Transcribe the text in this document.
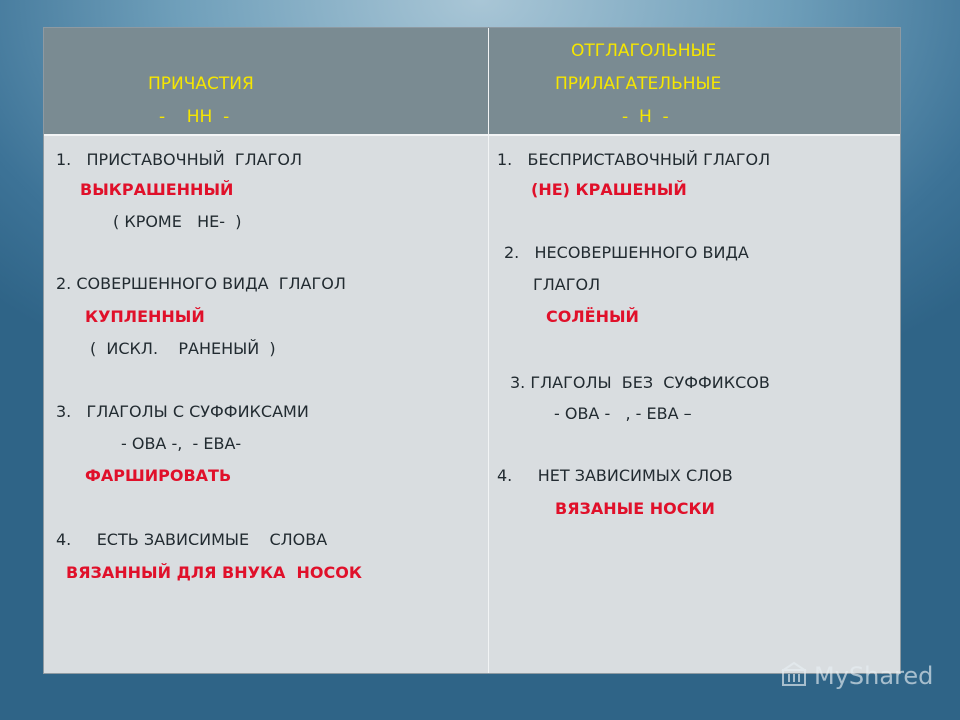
ПРИЧАСТИЯ

-    НН  -

ОТГЛАГОЛЬНЫЕ

ПРИЛАГАТЕЛЬНЫЕ

-  Н  -

1.   ПРИСТАВОЧНЫЙ  ГЛАГОЛ

ВЫКРАШЕННЫЙ

( КРОМЕ   НЕ-  )

2. СОВЕРШЕННОГО ВИДА  ГЛАГОЛ

КУПЛЕННЫЙ

(  ИСКЛ.    РАНЕНЫЙ  )

3.   ГЛАГОЛЫ С СУФФИКСАМИ

- ОВА -,  - ЕВА-

ФАРШИРОВАТЬ

4.     ЕСТЬ ЗАВИСИМЫЕ    СЛОВА

ВЯЗАННЫЙ ДЛЯ ВНУКА  НОСОК

1.   БЕСПРИСТАВОЧНЫЙ ГЛАГОЛ

(НЕ) КРАШЕНЫЙ

2.   НЕСОВЕРШЕННОГО ВИДА

ГЛАГОЛ

СОЛЁНЫЙ

3. ГЛАГОЛЫ  БЕЗ  СУФФИКСОВ

- ОВА -   , - ЕВА –

4.     НЕТ ЗАВИСИМЫХ СЛОВ

ВЯЗАНЫЕ НОСКИ

MyShared
